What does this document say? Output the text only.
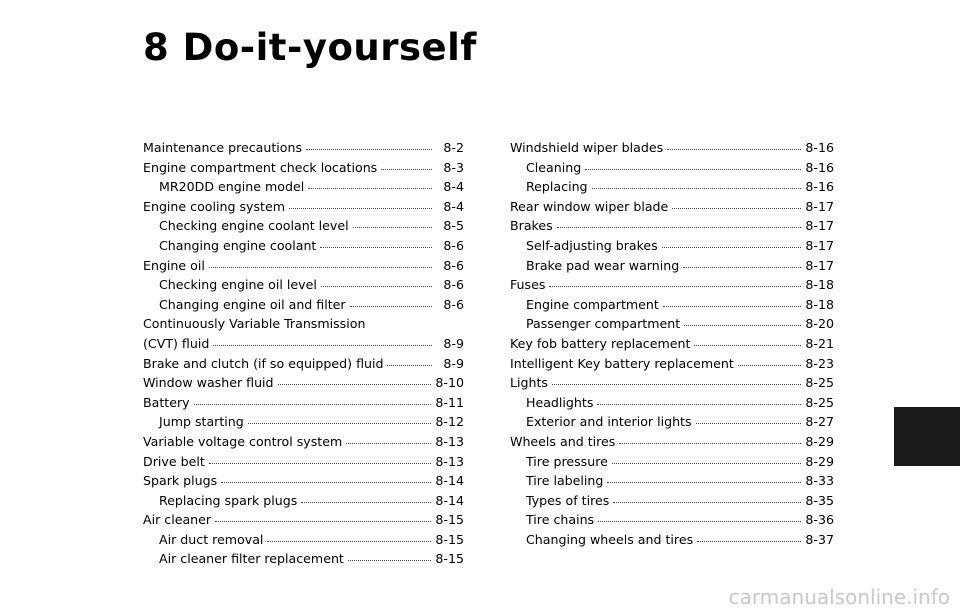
8 Do-it-yourself
Maintenance precautions	8-2
Engine compartment check locations	8-3
MR20DD engine model	8-4
Engine cooling system	8-4
Checking engine coolant level	8-5
Changing engine coolant	8-6
Engine oil	8-6
Checking engine oil level	8-6
Changing engine oil and filter	8-6
Continuously Variable Transmission
(CVT) fluid	8-9
Brake and clutch (if so equipped) fluid	8-9
Window washer fluid	8-10
Battery	8-11
Jump starting	8-12
Variable voltage control system	8-13
Drive belt	8-13
Spark plugs	8-14
Replacing spark plugs	8-14
Air cleaner	8-15
Air duct removal	8-15
Air cleaner filter replacement	8-15
Windshield wiper blades	8-16
Cleaning	8-16
Replacing	8-16
Rear window wiper blade	8-17
Brakes	8-17
Self-adjusting brakes	8-17
Brake pad wear warning	8-17
Fuses	8-18
Engine compartment	8-18
Passenger compartment	8-20
Key fob battery replacement	8-21
Intelligent Key battery replacement	8-23
Lights	8-25
Headlights	8-25
Exterior and interior lights	8-27
Wheels and tires	8-29
Tire pressure	8-29
Tire labeling	8-33
Types of tires	8-35
Tire chains	8-36
Changing wheels and tires	8-37
carmanualsonline.info
